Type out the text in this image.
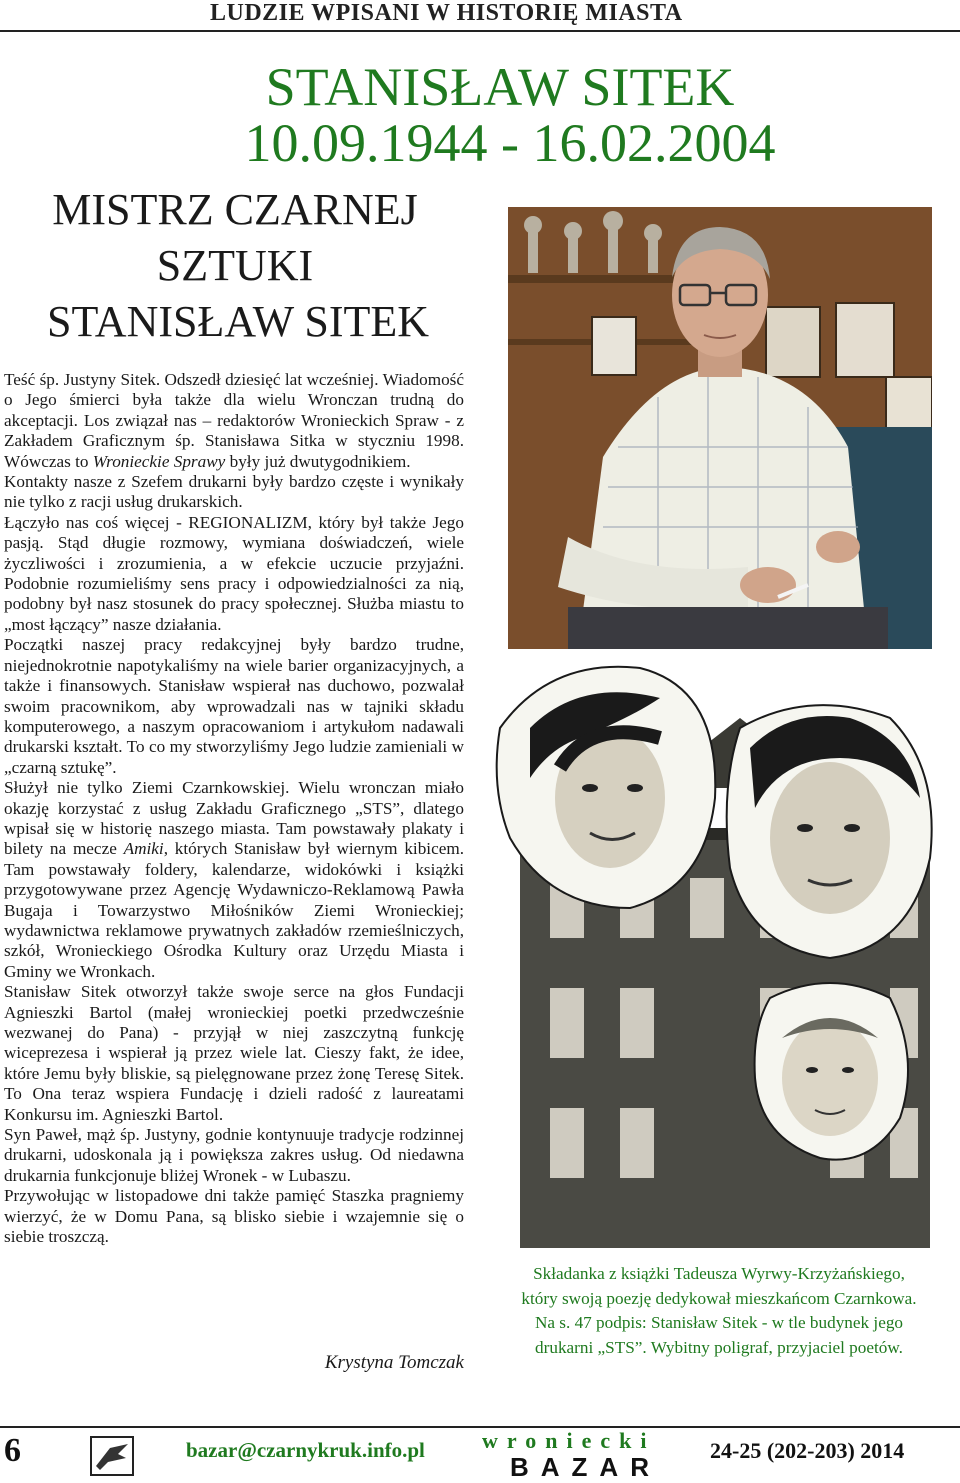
LUDZIE WPISANI W HISTORIĘ MIASTA
STANISŁAW SITEK
10.09.1944 - 16.02.2004
MISTRZ CZARNEJ
SZTUKI
STANISŁAW SITEK

Teść śp. Justyny Sitek. Odszedł dziesięć lat wcześniej. Wiadomość o Jego śmierci była także dla wielu Wronczan trudną do akceptacji. Los związał nas – redaktorów Wronieckich Spraw - z Zakładem Graficznym śp. Stanisława Sitka w styczniu 1998. Wówczas to Wronieckie Sprawy były już dwutygodnikiem.

Kontakty nasze z Szefem drukarni były bardzo częste i wynikały nie tylko z racji usług drukarskich.

Łączyło nas coś więcej - REGIONALIZM, który był także Jego pasją. Stąd długie rozmowy, wymiana doświadczeń, wiele życzliwości i zrozumienia, a w efekcie uczucie przyjaźni. Podobnie rozumieliśmy sens pracy i odpowiedzialności za nią, podobny był nasz stosunek do pracy społecznej. Służba miastu to „most łączący” nasze działania.

Początki naszej pracy redakcyjnej były bardzo trudne, niejednokrotnie napotykaliśmy na wiele barier organizacyjnych, a także i finansowych. Stanisław wspierał nas duchowo, pozwalał swoim pracownikom, aby wprowadzali nas w tajniki składu komputerowego, a naszym opracowaniom i artykułom nadawali drukarski kształt. To co my stworzyliśmy Jego ludzie zamieniali w „czarną sztukę”.

Służył nie tylko Ziemi Czarnkowskiej. Wielu wronczan miało okazję korzystać z usług Zakładu Graficznego „STS”, dlatego wpisał się w historię naszego miasta. Tam powstawały plakaty i bilety na mecze Amiki, których Stanisław był wiernym kibicem. Tam powstawały foldery, kalendarze, widokówki i książki przygotowywane przez Agencję Wydawniczo-Reklamową Pawła Bugaja i Towarzystwo Miłośników Ziemi Wronieckiej; wydawnictwa reklamowe prywatnych zakładów rzemieślniczych, szkół, Wronieckiego Ośrodka Kultury oraz Urzędu Miasta i Gminy we Wronkach.

Stanisław Sitek otworzył także swoje serce na głos Fundacji Agnieszki Bartol (małej wronieckiej poetki przedwcześnie wezwanej do Pana) - przyjął w niej zaszczytną funkcję wiceprezesa i wspierał ją przez wiele lat. Cieszy fakt, że idee, które Jemu były bliskie, są pielęgnowane przez żonę Teresę Sitek. To Ona teraz wspiera Fundację i dzieli radość z laureatami Konkursu im. Agnieszki Bartol.

Syn Paweł, mąż śp. Justyny, godnie kontynuuje tradycje rodzinnej drukarni, udoskonala ją i powiększa zakres usług. Od niedawna drukarnia funkcjonuje bliżej Wronek - w Lubaszu.

Przywołując w listopadowe dni także pamięć Staszka pragniemy wierzyć, że w Domu Pana, są blisko siebie i wzajemnie się o siebie troszczą.

Krystyna Tomczak
Składanka z książki Tadeusza Wyrwy-Krzyżańskiego,
który swoją poezję dedykował mieszkańcom Czarnkowa.
Na s. 47 podpis: Stanisław Sitek - w tle budynek jego
drukarni „STS”. Wybitny poligraf, przyjaciel poetów.
6	bazar@czarnykruk.info.pl	wroniecki
BAZAR
24-25 (202-203) 2014
